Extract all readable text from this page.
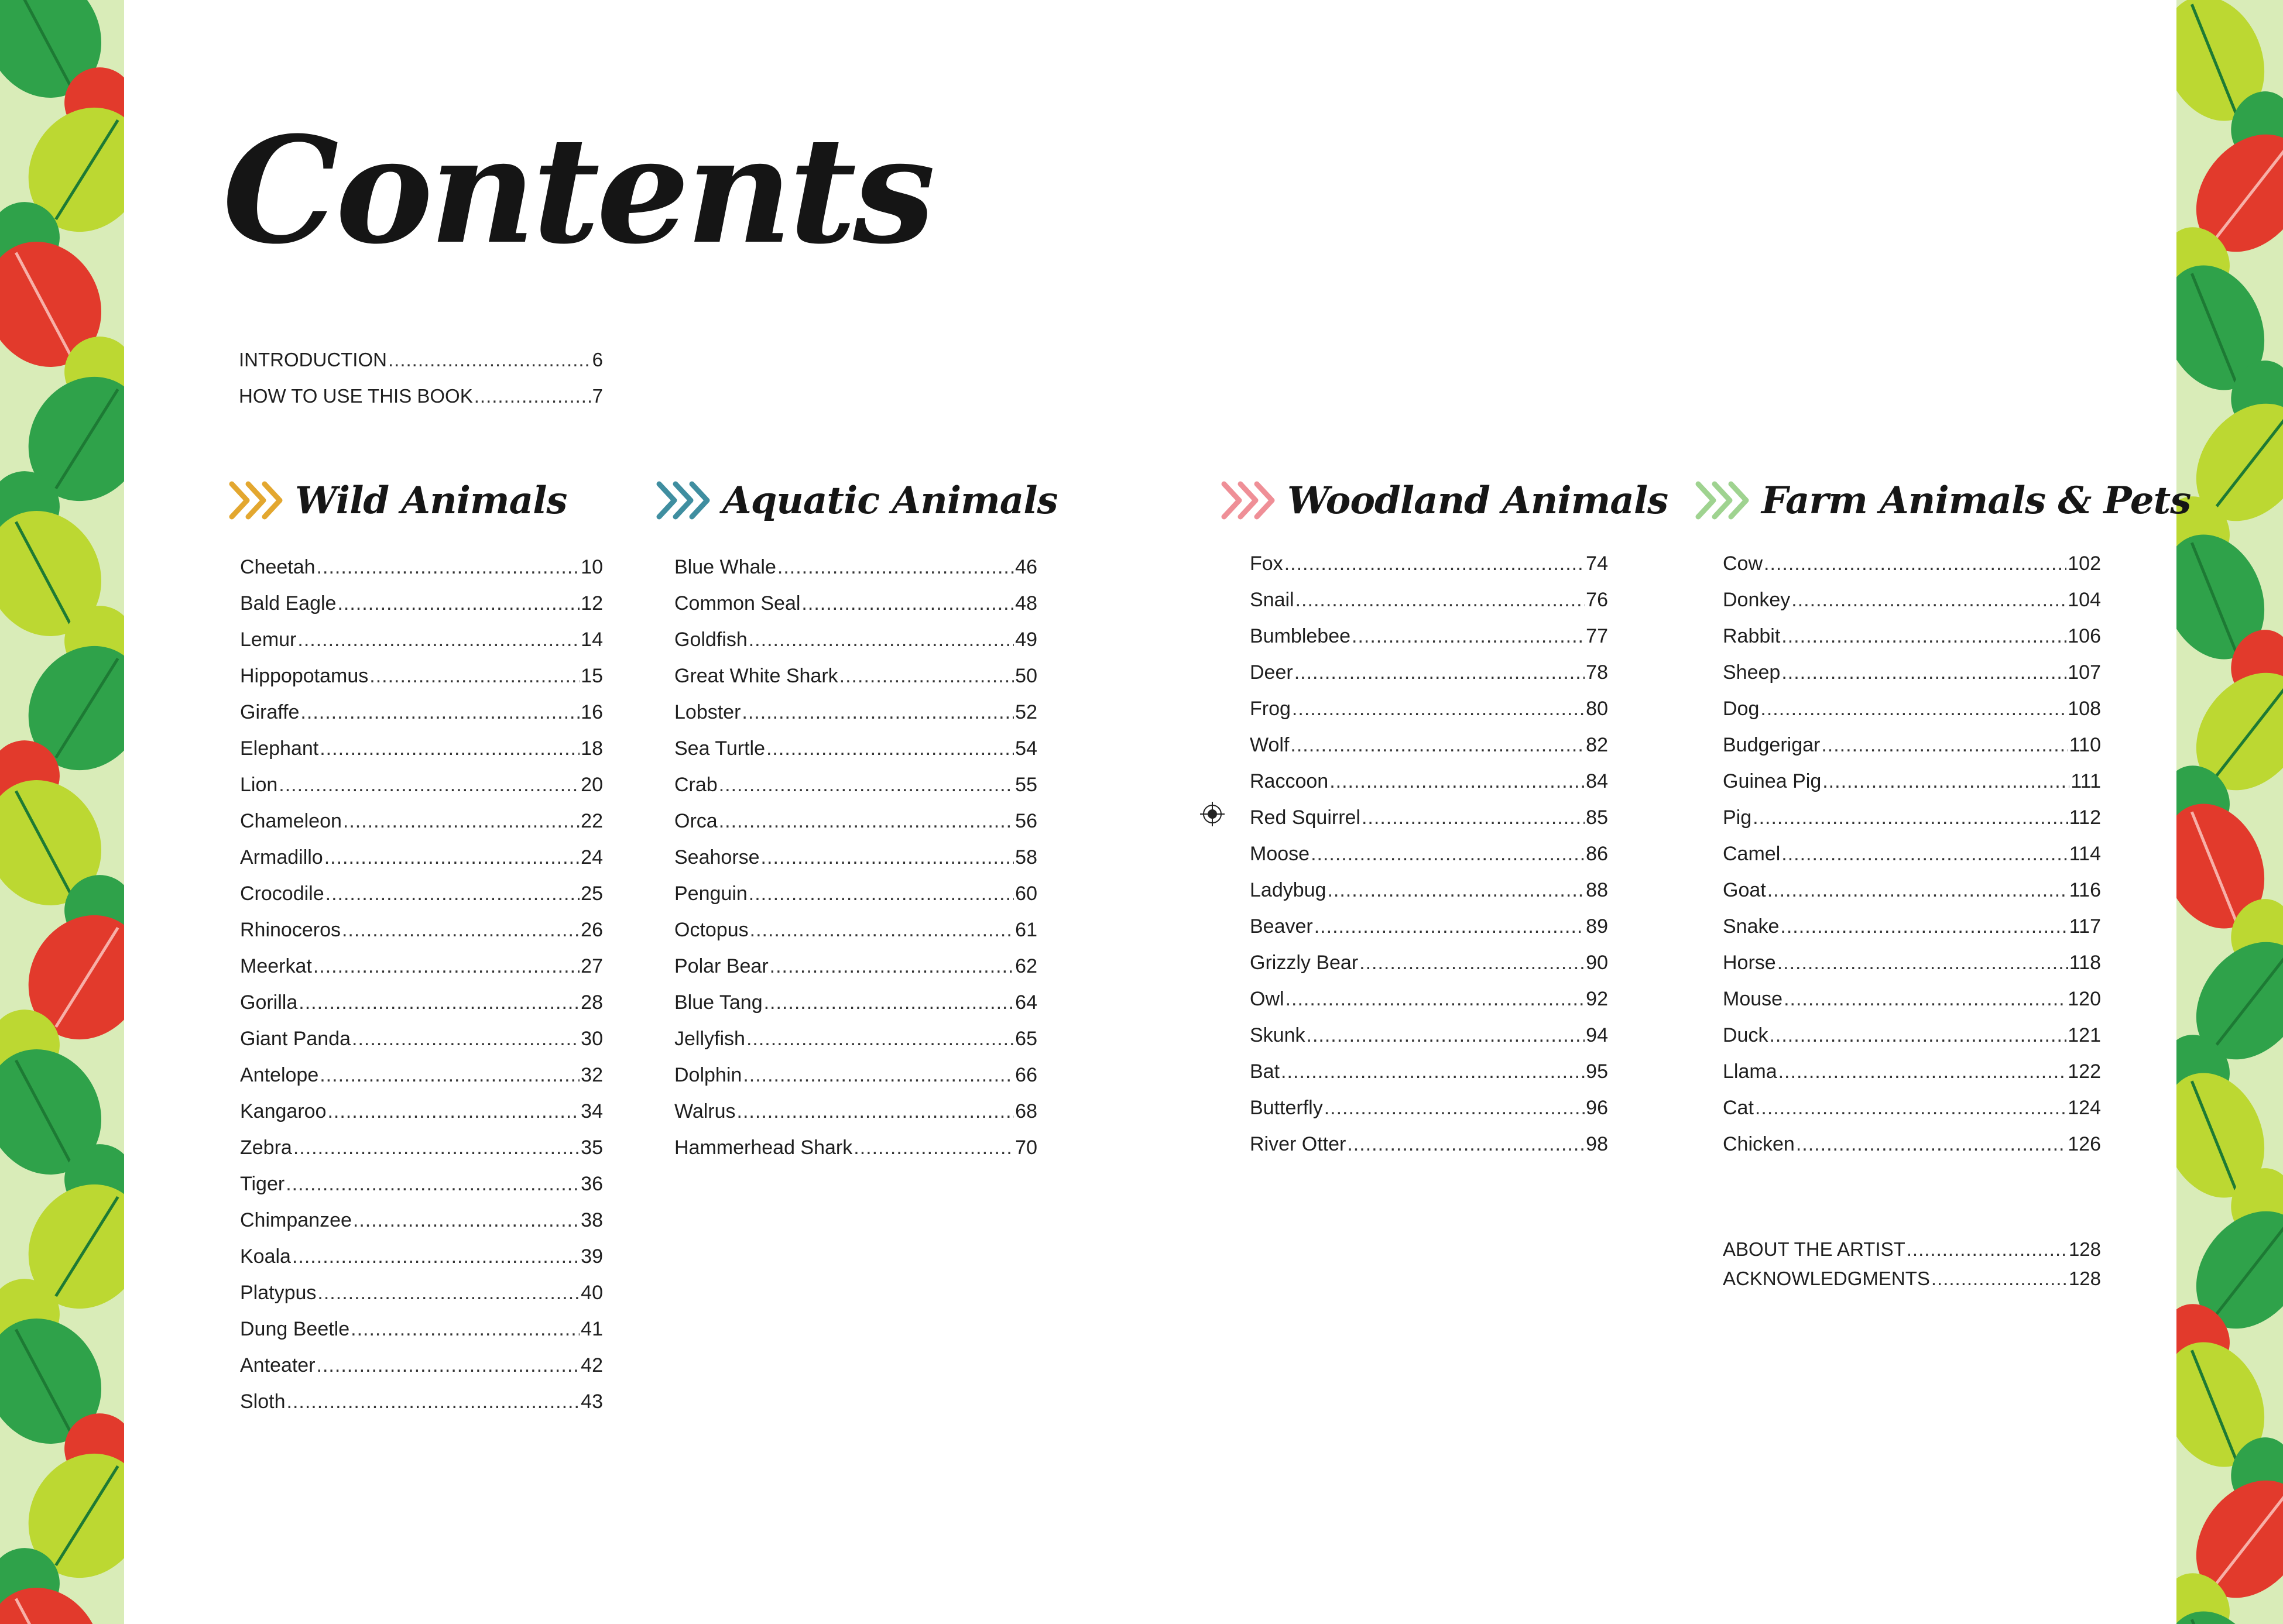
Contents
INTRODUCTION .....	6
HOW TO USE THIS BOOK .....	7
Wild Animals
Cheetah .....	10
Bald Eagle .....	12
Lemur .....	14
Hippopotamus .....	15
Giraffe .....	16
Elephant .....	18
Lion .....	20
Chameleon .....	22
Armadillo .....	24
Crocodile .....	25
Rhinoceros .....	26
Meerkat .....	27
Gorilla .....	28
Giant Panda .....	30
Antelope .....	32
Kangaroo .....	34
Zebra .....	35
Tiger .....	36
Chimpanzee .....	38
Koala .....	39
Platypus .....	40
Dung Beetle .....	41
Anteater .....	42
Sloth .....	43
Aquatic Animals
Blue Whale .....	46
Common Seal .....	48
Goldfish .....	49
Great White Shark .....	50
Lobster .....	52
Sea Turtle .....	54
Crab .....	55
Orca .....	56
Seahorse .....	58
Penguin .....	60
Octopus .....	61
Polar Bear .....	62
Blue Tang .....	64
Jellyfish .....	65
Dolphin .....	66
Walrus .....	68
Hammerhead Shark .....	70
Woodland Animals
Fox .....	74
Snail .....	76
Bumblebee .....	77
Deer .....	78
Frog .....	80
Wolf .....	82
Raccoon .....	84
Red Squirrel .....	85
Moose .....	86
Ladybug .....	88
Beaver .....	89
Grizzly Bear .....	90
Owl .....	92
Skunk .....	94
Bat .....	95
Butterfly .....	96
River Otter .....	98
Farm Animals & Pets
Cow .....	102
Donkey .....	104
Rabbit .....	106
Sheep .....	107
Dog .....	108
Budgerigar .....	110
Guinea Pig .....	111
Pig .....	112
Camel .....	114
Goat .....	116
Snake .....	117
Horse .....	118
Mouse .....	120
Duck .....	121
Llama .....	122
Cat .....	124
Chicken .....	126
ABOUT THE ARTIST .....	128
ACKNOWLEDGMENTS .....	128
